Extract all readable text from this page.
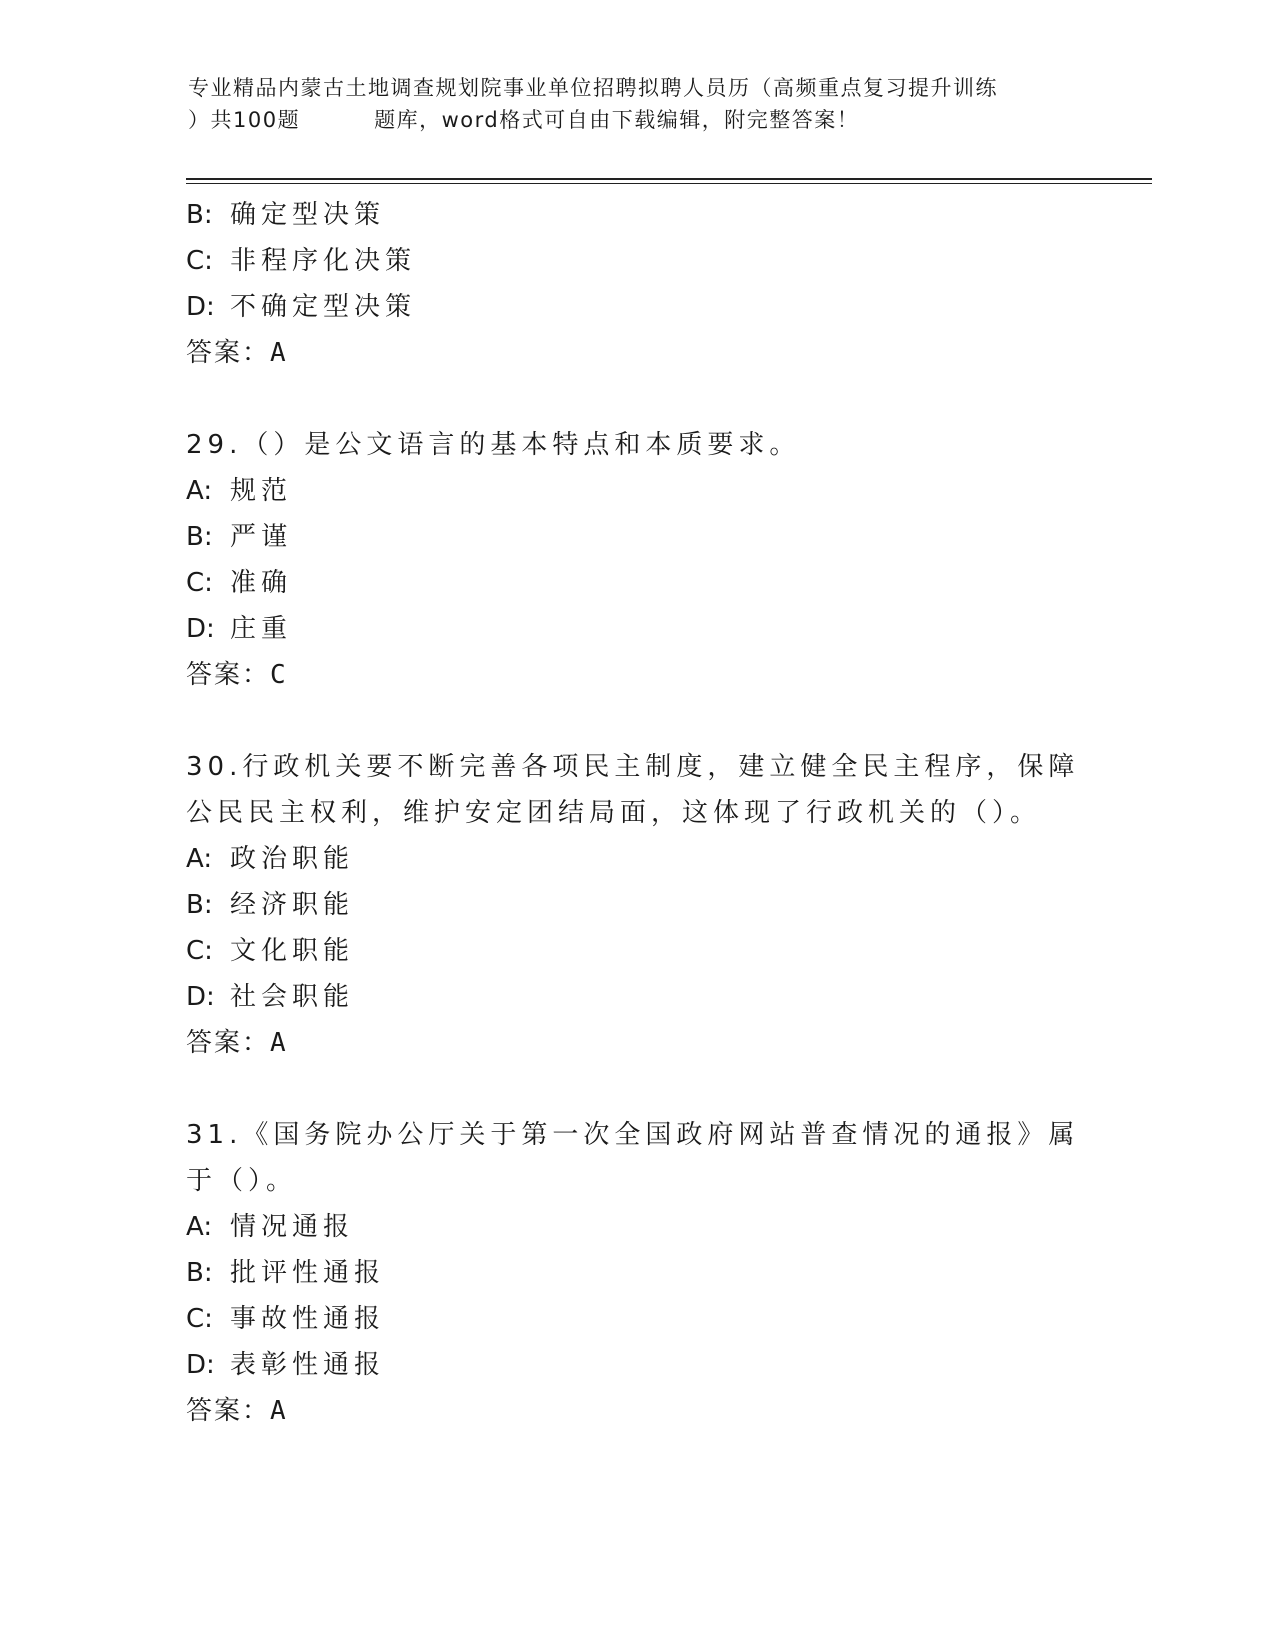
专业精品内蒙古土地调查规划院事业单位招聘拟聘人员历（高频重点复习提升训练
）共100题	题库，word格式可自由下载编辑，附完整答案！
B: 确定型决策
C: 非程序化决策
D: 不确定型决策
答案：A
29.（）是公文语言的基本特点和本质要求。
A: 规范
B: 严谨
C: 准确
D: 庄重
答案：C
30.行政机关要不断完善各项民主制度，建立健全民主程序，保障公民民主权利，维护安定团结局面，这体现了行政机关的（）。
A: 政治职能
B: 经济职能
C: 文化职能
D: 社会职能
答案：A
31.《国务院办公厅关于第一次全国政府网站普查情况的通报》属于（）。
A: 情况通报
B: 批评性通报
C: 事故性通报
D: 表彰性通报
答案：A
